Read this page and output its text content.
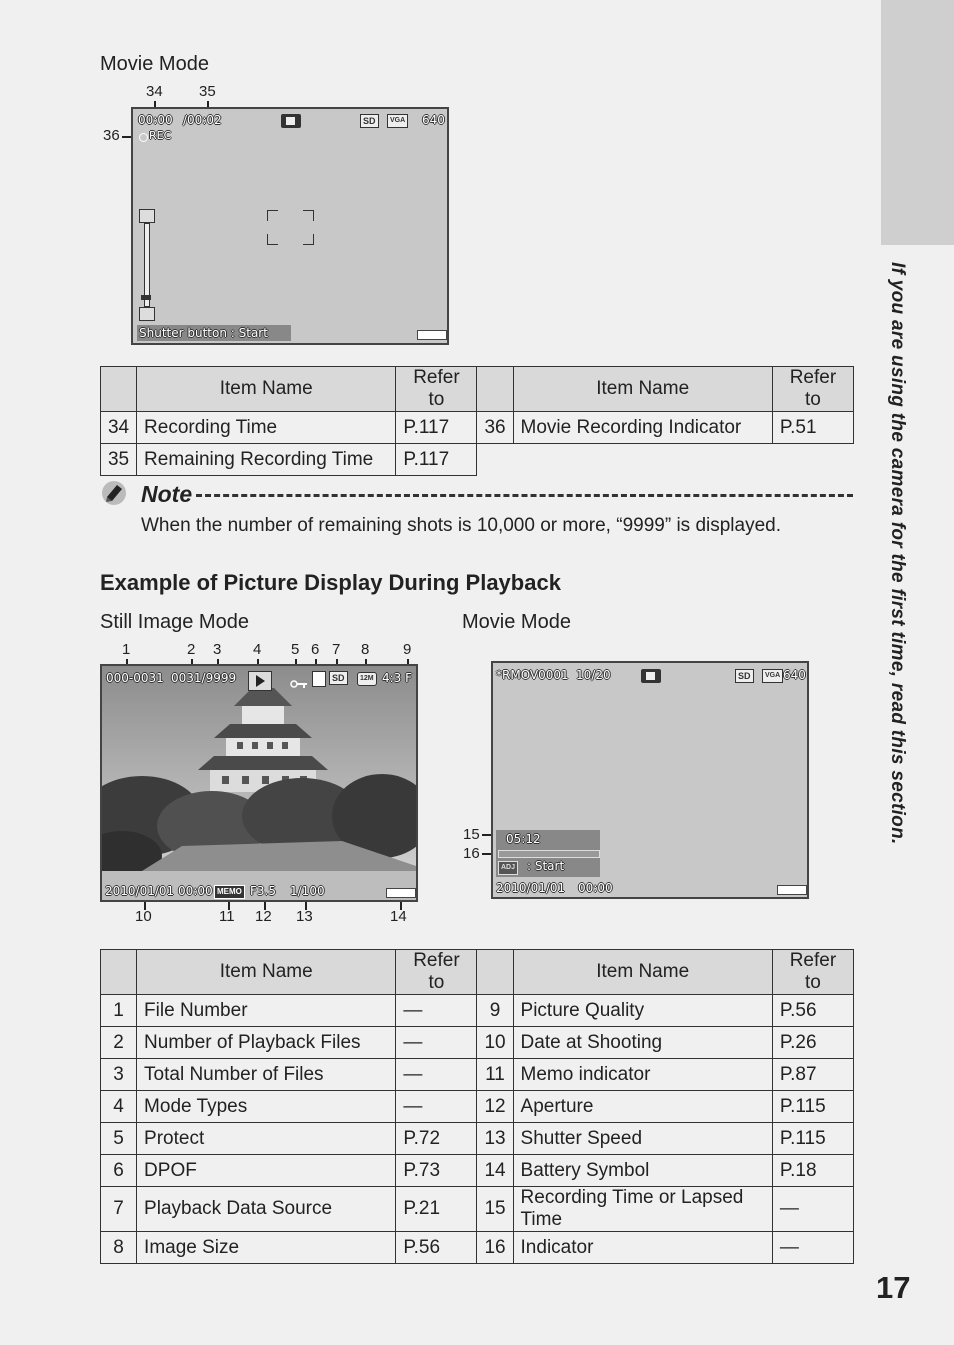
If you are using the camera for the first time, read this section.
17
Movie Mode
34 35
36
00:00 /00:02
REC
SD	VGA 640
Shutter button : Start
	Item Name	Refer to		Item Name	Refer to
34	Recording Time	P.117	36	Movie Recording Indicator	P.51
35	Remaining Recording Time	P.117			
Note
When the number of remaining shots is 10,000 or more, “9999” is displayed.
Example of Picture Display During Playback
Still Image Mode	Movie Mode
1	2 3 4 5 6 7 8 9
000-0031 0031/9999	SD	12M 4:3 F
2010/01/01 00:00 MEMO F3.5 1/100
10	11 12 13	14
15
16
*RMOV0001 10/20	SD	VGA 640
05:12
ADJ : Start
2010/01/01 00:00
	Item Name	Refer to		Item Name	Refer to
1	File Number	—	9	Picture Quality	P.56
2	Number of Playback Files	—	10	Date at Shooting	P.26
3	Total Number of Files	—	11	Memo indicator	P.87
4	Mode Types	—	12	Aperture	P.115
5	Protect	P.72	13	Shutter Speed	P.115
6	DPOF	P.73	14	Battery Symbol	P.18
7	Playback Data Source	P.21	15	Recording Time or Lapsed Time	—
8	Image Size	P.56	16	Indicator	—
